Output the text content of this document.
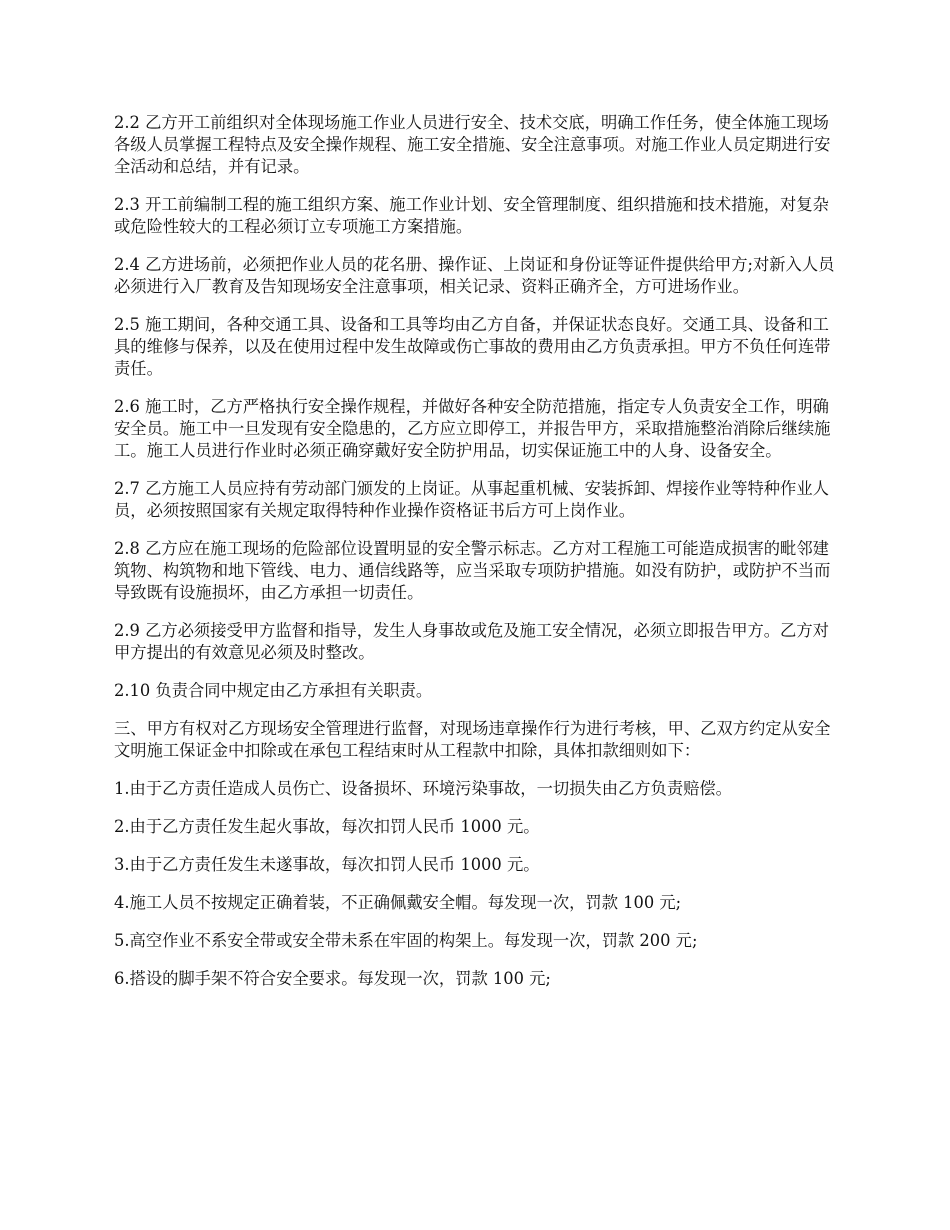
2.2 乙方开工前组织对全体现场施工作业人员进行安全、技术交底，明确工作任务，使全体施工现场各级人员掌握工程特点及安全操作规程、施工安全措施、安全注意事项。对施工作业人员定期进行安全活动和总结，并有记录。

2.3 开工前编制工程的施工组织方案、施工作业计划、安全管理制度、组织措施和技术措施，对复杂或危险性较大的工程必须订立专项施工方案措施。

2.4 乙方进场前，必须把作业人员的花名册、操作证、上岗证和身份证等证件提供给甲方;对新入人员必须进行入厂教育及告知现场安全注意事项，相关记录、资料正确齐全，方可进场作业。

2.5 施工期间，各种交通工具、设备和工具等均由乙方自备，并保证状态良好。交通工具、设备和工具的维修与保养，以及在使用过程中发生故障或伤亡事故的费用由乙方负责承担。甲方不负任何连带责任。

2.6 施工时，乙方严格执行安全操作规程，并做好各种安全防范措施，指定专人负责安全工作，明确安全员。施工中一旦发现有安全隐患的，乙方应立即停工，并报告甲方，采取措施整治消除后继续施工。施工人员进行作业时必须正确穿戴好安全防护用品，切实保证施工中的人身、设备安全。

2.7 乙方施工人员应持有劳动部门颁发的上岗证。从事起重机械、安装拆卸、焊接作业等特种作业人员，必须按照国家有关规定取得特种作业操作资格证书后方可上岗作业。

2.8 乙方应在施工现场的危险部位设置明显的安全警示标志。乙方对工程施工可能造成损害的毗邻建筑物、构筑物和地下管线、电力、通信线路等，应当采取专项防护措施。如没有防护，或防护不当而导致既有设施损坏，由乙方承担一切责任。

2.9 乙方必须接受甲方监督和指导，发生人身事故或危及施工安全情况，必须立即报告甲方。乙方对甲方提出的有效意见必须及时整改。

2.10 负责合同中规定由乙方承担有关职责。

三、甲方有权对乙方现场安全管理进行监督，对现场违章操作行为进行考核，甲、乙双方约定从安全文明施工保证金中扣除或在承包工程结束时从工程款中扣除，具体扣款细则如下：

1.由于乙方责任造成人员伤亡、设备损坏、环境污染事故，一切损失由乙方负责赔偿。

2.由于乙方责任发生起火事故，每次扣罚人民币 1000 元。

3.由于乙方责任发生未遂事故，每次扣罚人民币 1000 元。

4.施工人员不按规定正确着装，不正确佩戴安全帽。每发现一次，罚款 100 元;

5.高空作业不系安全带或安全带未系在牢固的构架上。每发现一次，罚款 200 元;

6.搭设的脚手架不符合安全要求。每发现一次，罚款 100 元;
